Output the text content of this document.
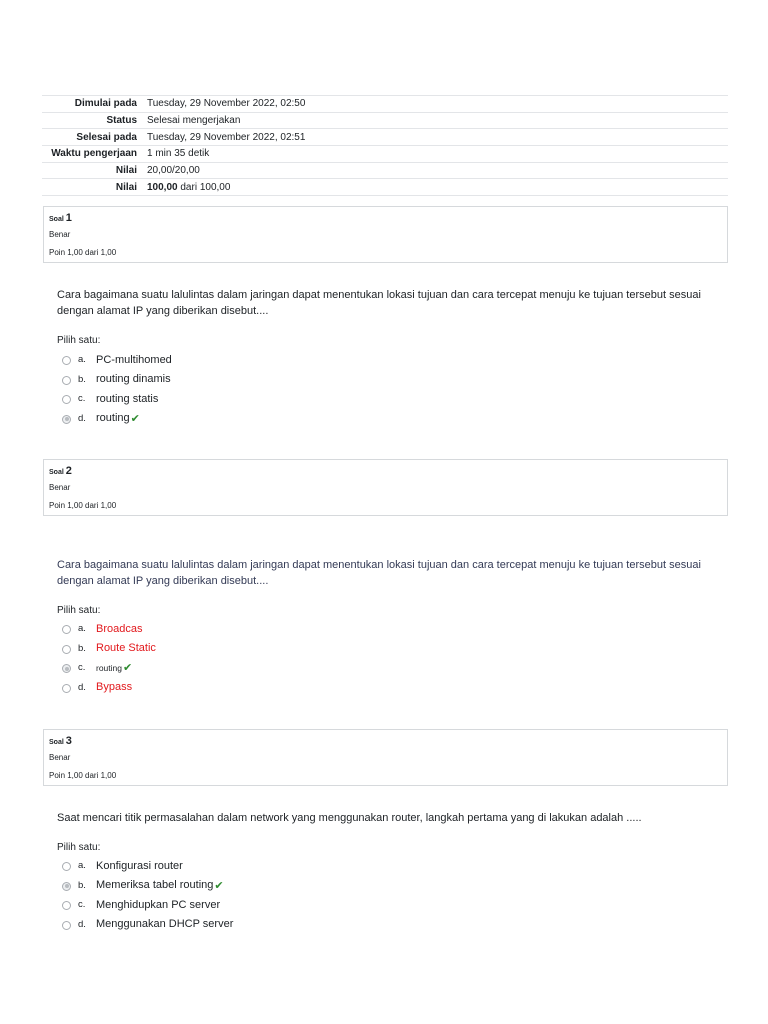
Dimulai pada	Tuesday, 29 November 2022, 02:50
Status	Selesai mengerjakan
Selesai pada	Tuesday, 29 November 2022, 02:51
Waktu pengerjaan	1 min 35 detik
Nilai	20,00/20,00
Nilai	100,00 dari 100,00
Soal 1
Benar
Poin 1,00 dari 1,00
Cara bagaimana suatu lalulintas dalam jaringan dapat menentukan lokasi tujuan dan cara tercepat menuju ke tujuan tersebut sesuai dengan alamat IP yang diberikan disebut....
Pilih satu:
a. PC-multihomed
b. routing dinamis
c. routing statis
d. routing ✔
Soal 2
Benar
Poin 1,00 dari 1,00
Cara bagaimana suatu lalulintas dalam jaringan dapat menentukan lokasi tujuan dan cara tercepat menuju ke tujuan tersebut sesuai dengan alamat IP yang diberikan disebut....
Pilih satu:
a. Broadcas
b. Route Static
c.	routing ✔
d. Bypass
Soal 3
Benar
Poin 1,00 dari 1,00
Saat mencari titik permasalahan dalam network yang menggunakan router, langkah pertama yang di lakukan adalah .....
Pilih satu:
a. Konfigurasi router
b. Memeriksa tabel routing ✔
c. Menghidupkan PC server
d. Menggunakan DHCP server
